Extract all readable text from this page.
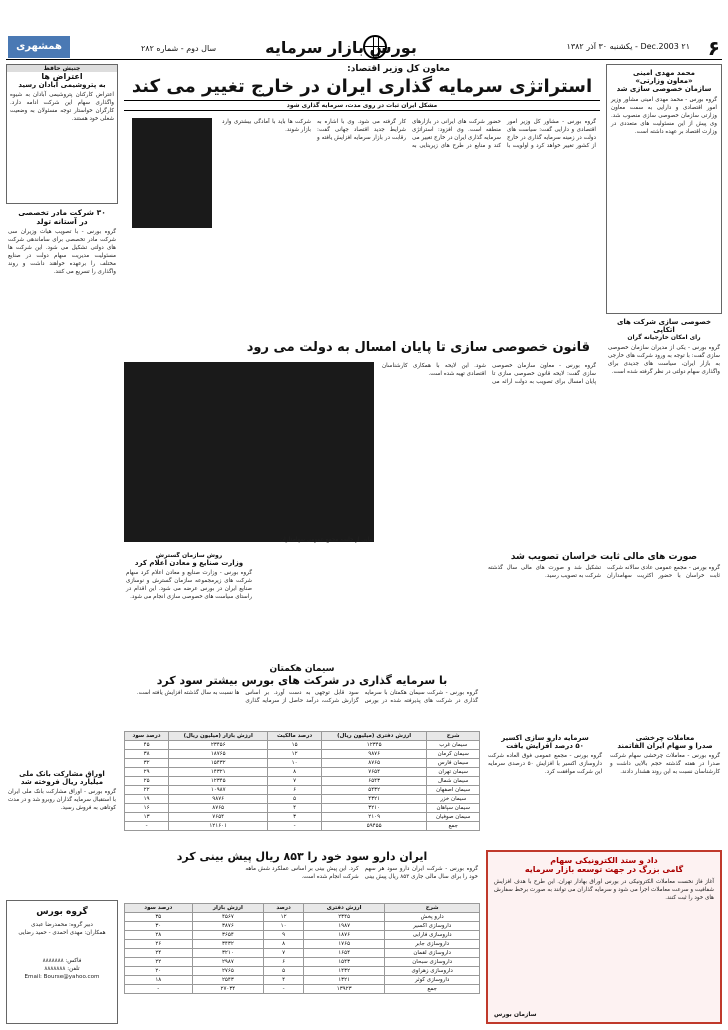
۶
۲۱ Dec.2003 - یکشنبه ۳۰ آذر ۱۳۸۲
بورس بازار سرمایه
سال دوم - شماره ۲۸۲
همشهری
محمد مهدی امینی
«معاون وزارتی»
سازمان خصوصی سازی شد
گروه بورس - محمد مهدی امینی مشاور وزیر امور اقتصادی و دارایی به سمت معاون وزارتی سازمان خصوصی سازی منصوب شد. وی پیش از این مسئولیت های متعددی در وزارت اقتصاد بر عهده داشته است.
خصوصی سازی شرکت های اتکاپی
رای امکان خارجیانه گران
گروه بورس - یکی از مدیران سازمان خصوصی سازی گفت: با توجه به ورود شرکت های خارجی به بازار ایران، سیاست های جدیدی برای واگذاری سهام دولتی در نظر گرفته شده است.
معاون کل وزیر اقتصاد:
استراتژی سرمایه گذاری ایران در خارج تغییر می کند
مشکل ایران ثبات در روی مدت، سرمایه گذاری شود
گروه بورس - مشاور کل وزیر امور اقتصادی و دارایی گفت: سیاست های دولت در زمینه سرمایه گذاری در خارج از کشور تغییر خواهد کرد و اولویت با حضور شرکت های ایرانی در بازارهای منطقه است. وی افزود: استراتژی سرمایه گذاری ایران در خارج تغییر می کند و منابع در طرح های زیربنایی به کار گرفته می شود. وی با اشاره به شرایط جدید اقتصاد جهانی گفت: رقابت در بازار سرمایه افزایش یافته و شرکت ها باید با آمادگی بیشتری وارد بازار شوند.
قانون خصوصی سازی تا پایان امسال به دولت می رود
نمایی از جلسه مجمع عمومی سهامداران
گروه بورس - معاون سازمان خصوصی سازی گفت: لایحه قانون خصوصی سازی تا پایان امسال برای تصویب به دولت ارائه می شود. این لایحه با همکاری کارشناسان اقتصادی تهیه شده است.
جنبش حافظ
اعتراض ها
به پتروشیمی آبادان رسید
اعتراض کارکنان پتروشیمی آبادان به شیوه واگذاری سهام این شرکت ادامه دارد. کارگران خواستار توجه مسئولان به وضعیت شغلی خود هستند.
۳۰ شرکت مادر تخصصی
در آستانه تولد
گروه بورس - با تصویب هیات وزیران سی شرکت مادر تخصصی برای ساماندهی شرکت های دولتی تشکیل می شود. این شرکت ها مسئولیت مدیریت سهام دولت در صنایع مختلف را برعهده خواهند داشت و روند واگذاری را تسریع می کنند.
اوراق مشارکت بانک ملی
میلیارد ریال فروخته شد
گروه بورس - اوراق مشارکت بانک ملی ایران با استقبال سرمایه گذاران روبرو شد و در مدت کوتاهی به فروش رسید.
گروه بورس
دبیر گروه: محمدرضا عبدی
همکاران: مهدی احمدی - حمید رضایی
فاکس: ۸۸۸۸۸۸۸
تلفن: ۸۸۸۸۸۸۸
Email: Bourse@yahoo.com
روش سازمان گسترش
وزارت صنایع و معادن اعلام کرد
گروه بورس - وزارت صنایع و معادن اعلام کرد سهام شرکت های زیرمجموعه سازمان گسترش و نوسازی صنایع ایران در بورس عرضه می شود. این اقدام در راستای سیاست های خصوصی سازی انجام می شود.
سیمان هکمتان
با سرمایه گذاری در شرکت های بورس بیشتر سود کرد
گروه بورس - شرکت سیمان هکمتان با سرمایه گذاری در شرکت های پذیرفته شده در بورس سود قابل توجهی به دست آورد. بر اساس گزارش شرکت، درآمد حاصل از سرمایه گذاری ها نسبت به سال گذشته افزایش یافته است.
شرح	ارزش دفتری (میلیون ریال)	درصد مالکیت	ارزش بازار (میلیون ریال)	درصد سود
سیمان غرب	۱۲۳۴۵	۱۵	۲۳۴۵۶	۴۵
سیمان کرمان	۹۸۷۶	۱۲	۱۸۷۶۵	۳۸
سیمان فارس	۸۷۶۵	۱۰	۱۵۴۳۲	۳۲
سیمان تهران	۷۶۵۴	۸	۱۴۳۲۱	۲۹
سیمان شمال	۶۵۴۳	۷	۱۲۳۴۵	۲۵
سیمان اصفهان	۵۴۳۲	۶	۱۰۹۸۷	۲۲
سیمان خزر	۴۳۲۱	۵	۹۸۷۶	۱۹
سیمان سپاهان	۳۲۱۰	۴	۸۷۶۵	۱۶
سیمان صوفیان	۲۱۰۹	۳	۷۶۵۴	۱۳
جمع	۵۹۴۵۵	-	۱۲۱۶۰۱	-
ایران دارو سود خود را ۸۵۳ ریال پیش بینی کرد
گروه بورس - شرکت ایران دارو سود هر سهم خود را برای سال مالی جاری ۸۵۳ ریال پیش بینی کرد. این پیش بینی بر اساس عملکرد شش ماهه شرکت انجام شده است.
شرح	ارزش دفتری	درصد	ارزش بازار	درصد سود
دارو پخش	۲۳۴۵	۱۲	۴۵۶۷	۳۵
داروسازی اکسیر	۱۹۸۷	۱۰	۳۸۷۶	۳۰
داروسازی فارابی	۱۸۷۶	۹	۳۶۵۴	۲۸
داروسازی جابر	۱۷۶۵	۸	۳۴۳۲	۲۶
داروسازی لقمان	۱۶۵۴	۷	۳۲۱۰	۲۴
داروسازی سبحان	۱۵۴۳	۶	۲۹۸۷	۲۲
داروسازی زهراوی	۱۴۳۲	۵	۲۷۶۵	۲۰
داروسازی کوثر	۱۳۲۱	۴	۲۵۴۳	۱۸
جمع	۱۳۹۲۳	-	۲۷۰۳۴	-
صورت های مالی ثابت خراسان تصویب شد
گروه بورس - مجمع عمومی عادی سالانه شرکت ثابت خراسان با حضور اکثریت سهامداران تشکیل شد و صورت های مالی سال گذشته شرکت به تصویب رسید.
سرمایه دارو سازی اکسیر
۵۰ درصد افزایش یافت
گروه بورس - مجمع عمومی فوق العاده شرکت داروسازی اکسیر با افزایش ۵۰ درصدی سرمایه این شرکت موافقت کرد.
معاملات چرخشی
صدرا و سهام ایران الفاتمند
گروه بورس - معاملات چرخشی سهام شرکت صدرا در هفته گذشته حجم بالایی داشت و کارشناسان نسبت به این روند هشدار دادند.
داد و ستد الکترونیکی سهام
گامی بزرگ در جهت توسعه بازار سرمایه
آغاز فاز نخست معاملات الکترونیکی در بورس اوراق بهادار تهران. این طرح با هدف افزایش شفافیت و سرعت معاملات اجرا می شود و سرمایه گذاران می توانند به صورت برخط سفارش های خود را ثبت کنند.
سازمان بورس
